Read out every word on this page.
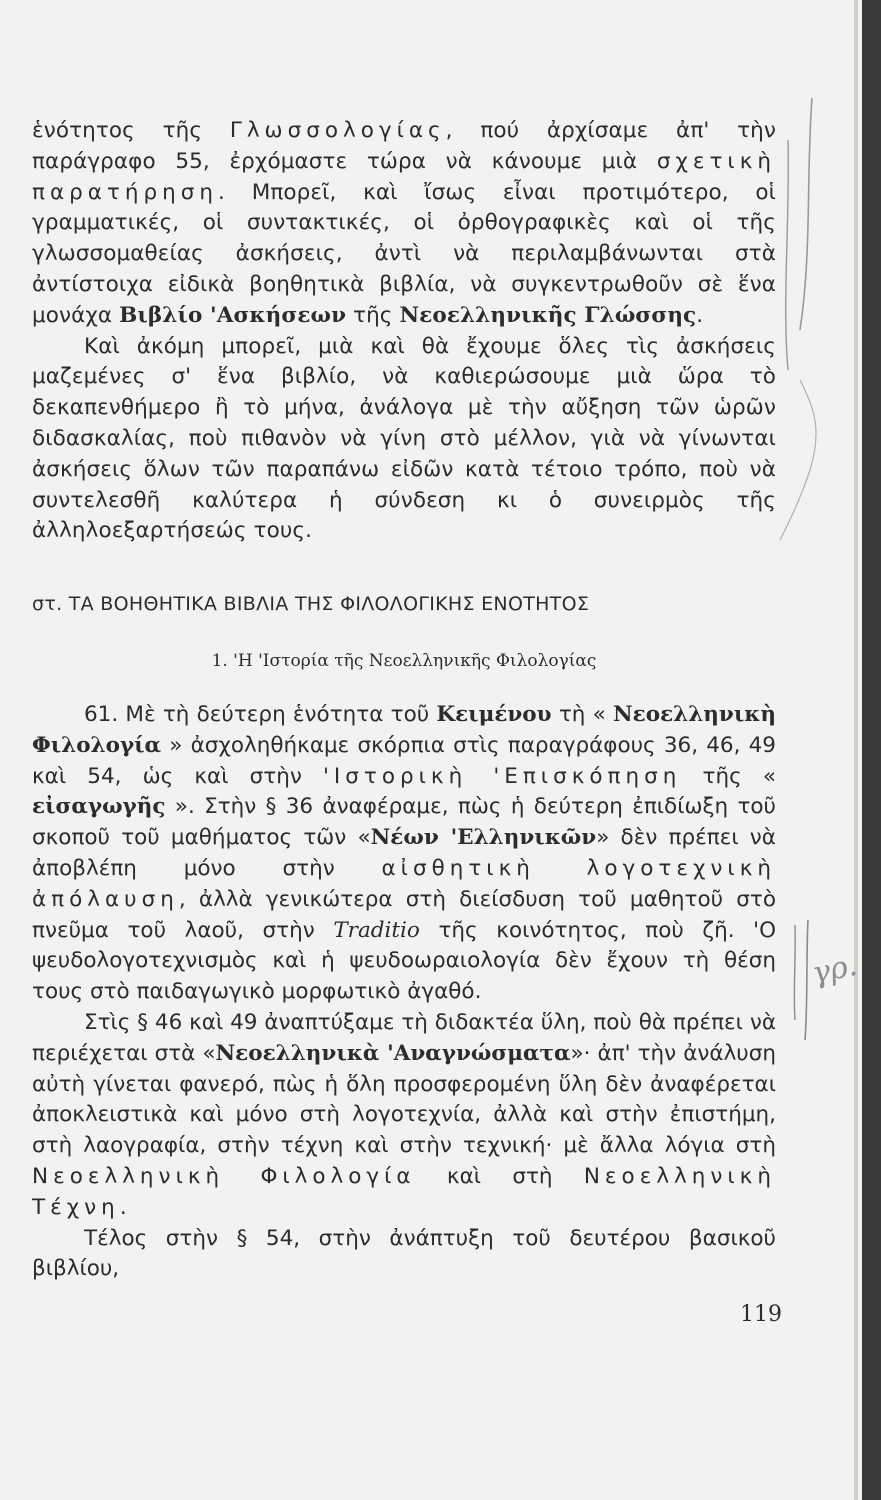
ἑνότητος τῆς Γλωσσολογίας, πού ἀρχίσαμε ἀπ' τὴν παράγραφο 55, ἐρχόμαστε τώρα νὰ κάνουμε μιὰ σχετικὴ παρατήρηση. Μπορεῖ, καὶ ἴσως εἶναι προτιμότερο, οἱ γραμματικές, οἱ συντακτικές, οἱ ὀρθογραφικὲς καὶ οἱ τῆς γλωσσομαθείας ἀσκήσεις, ἀντὶ νὰ περιλαμβάνωνται στὰ ἀντίστοιχα εἰδικὰ βοηθητικὰ βιβλία, νὰ συγκεντρωθοῦν σὲ ἕνα μονάχα Βιβλίο 'Ασκήσεων τῆς Νεοελληνικῆς Γλώσσης.

Καὶ ἀκόμη μπορεῖ, μιὰ καὶ θὰ ἔχουμε ὅλες τὶς ἀσκήσεις μαζεμένες σ' ἕνα βιβλίο, νὰ καθιερώσουμε μιὰ ὥρα τὸ δεκαπενθήμερο ἢ τὸ μήνα, ἀνάλογα μὲ τὴν αὔξηση τῶν ὡρῶν διδασκαλίας, ποὺ πιθανὸν νὰ γίνη στὸ μέλλον, γιὰ νὰ γίνωνται ἀσκήσεις ὅλων τῶν παραπάνω εἰδῶν κατὰ τέτοιο τρόπο, ποὺ νὰ συντελεσθῆ καλύτερα ἡ σύνδεση κι ὁ συνειρμὸς τῆς ἀλληλοεξαρτήσεώς τους.

στ. ΤΑ ΒΟΗΘΗΤΙΚΑ ΒΙΒΛΙΑ ΤΗΣ ΦΙΛΟΛΟΓΙΚΗΣ ΕΝΟΤΗΤΟΣ
1. 'Η 'Ιστορία τῆς Νεοελληνικῆς Φιλολογίας

61. Μὲ τὴ δεύτερη ἑνότητα τοῦ Κειμένου τὴ « Νεοελληνικὴ Φιλολογία » ἀσχοληθήκαμε σκόρπια στὶς παραγράφους 36, 46, 49 καὶ 54, ὡς καὶ στὴν 'Ιστορικὴ 'Επισκόπηση τῆς « εἰσαγωγῆς ». Στὴν § 36 ἀναφέραμε, πὼς ἡ δεύτερη ἐπιδίωξη τοῦ σκοποῦ τοῦ μαθήματος τῶν «Νέων 'Ελληνικῶν» δὲν πρέπει νὰ ἀποβλέπη μόνο στὴν αἰσθητικὴ λογοτεχνικὴ ἀπόλαυση, ἀλλὰ γενικώτερα στὴ διείσδυση τοῦ μαθητοῦ στὸ πνεῦμα τοῦ λαοῦ, στὴν Traditio τῆς κοινότητος, ποὺ ζῆ. 'Ο ψευδολογοτεχνισμὸς καὶ ἡ ψευδοωραιολογία δὲν ἔχουν τὴ θέση τους στὸ παιδαγωγικὸ μορφωτικὸ ἀγαθό.

Στὶς § 46 καὶ 49 ἀναπτύξαμε τὴ διδακτέα ὕλη, ποὺ θὰ πρέπει νὰ περιέχεται στὰ «Νεοελληνικὰ 'Αναγνώσματα»· ἀπ' τὴν ἀνάλυση αὐτὴ γίνεται φανερό, πὼς ἡ ὅλη προσφερομένη ὕλη δὲν ἀναφέρεται ἀποκλειστικὰ καὶ μόνο στὴ λογοτεχνία, ἀλλὰ καὶ στὴν ἐπιστήμη, στὴ λαογραφία, στὴν τέχνη καὶ στὴν τεχνική· μὲ ἄλλα λόγια στὴ Νεοελληνικὴ Φιλολογία καὶ στὴ Νεοελληνικὴ Τέχνη.

Τέλος στὴν § 54, στὴν ἀνάπτυξη τοῦ δευτέρου βασικοῦ βιβλίου,

119
γρ.
